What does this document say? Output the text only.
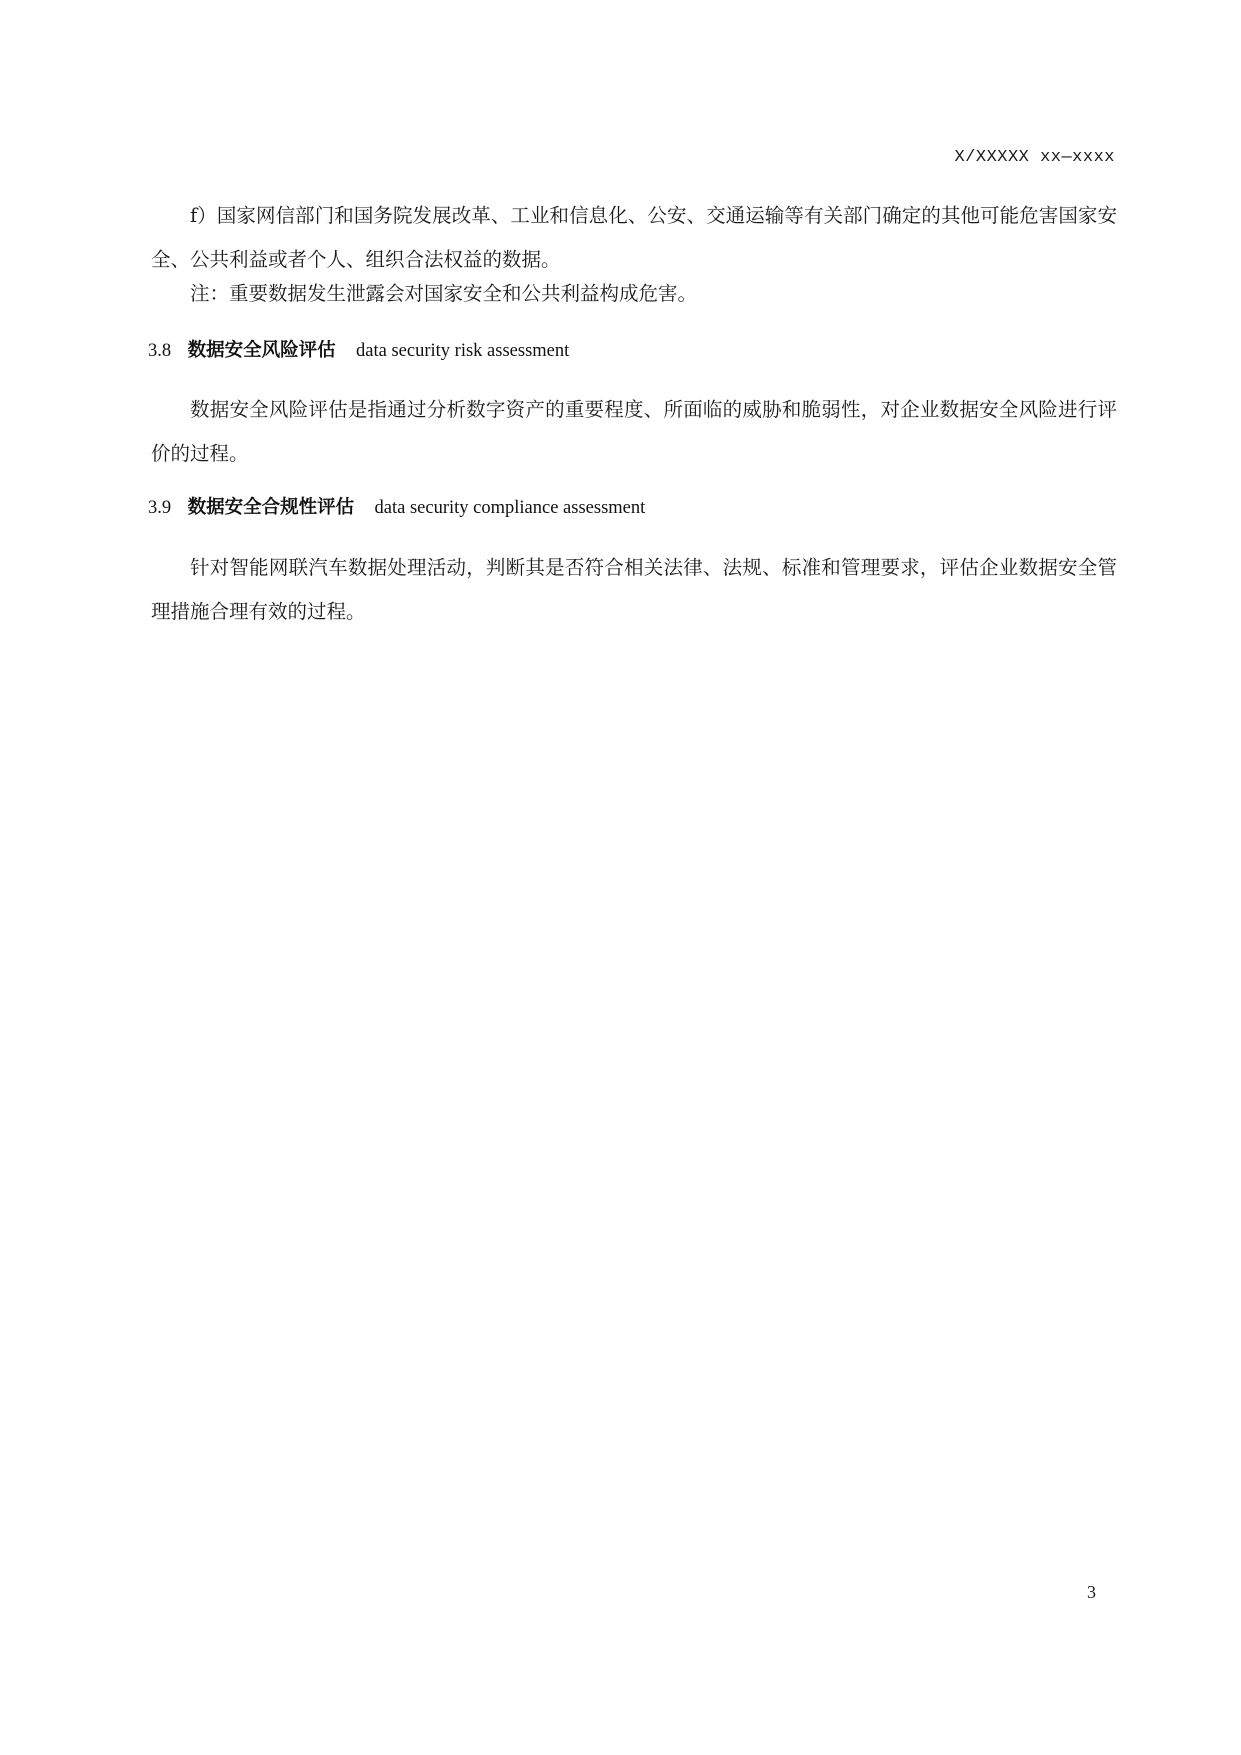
X/XXXXX xx—xxxx

f）国家网信部门和国务院发展改革、工业和信息化、公安、交通运输等有关部门确定的其他可能危害国家安全、公共利益或者个人、组织合法权益的数据。

注：重要数据发生泄露会对国家安全和公共利益构成危害。

3.8 数据安全风险评估 data security risk assessment

数据安全风险评估是指通过分析数字资产的重要程度、所面临的威胁和脆弱性，对企业数据安全风险进行评价的过程。

3.9 数据安全合规性评估 data security compliance assessment

针对智能网联汽车数据处理活动，判断其是否符合相关法律、法规、标准和管理要求，评估企业数据安全管理措施合理有效的过程。

3
